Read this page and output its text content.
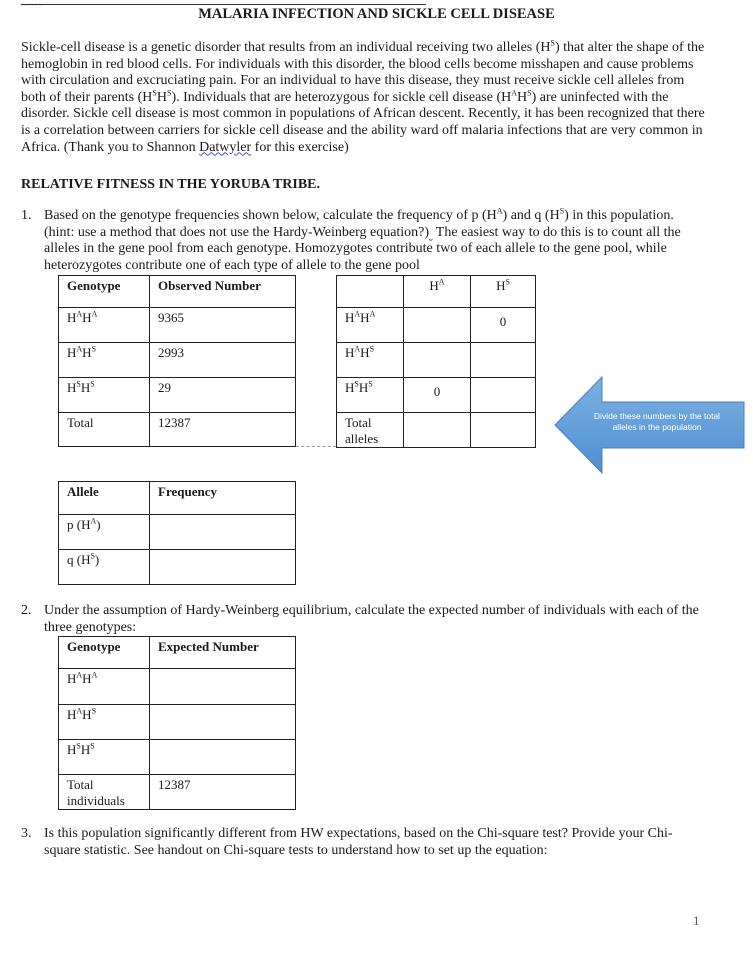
〰〰〰〰	MALARIA INFECTION AND SICKLE CELL DISEASE
Sickle-cell disease is a genetic disorder that results from an individual receiving two alleles $(H^S)$ that alter the shape of the hemoglobin in red blood cells. For individuals with this disorder, the blood cells become misshapen and cause problems with circulation and excruciating pain. For an individual to have this disease, they must receive sickle cell alleles from both of their parents $(H^SH^S)$. Individuals that are heterozygous for sickle cell disease $(H^AH^S)$ are uninfected with the disorder. Sickle cell disease is most common in populations of African descent. Recently, it has been recognized that there is a correlation between carriers for sickle cell disease and the ability ward off malaria infections that are very common in Africa. (Thank you to Shannon Datwyler for this exercise)
RELATIVE FITNESS IN THE YORUBA TRIBE.
1. Based on the genotype frequencies shown below, calculate the frequency of p $(H^A)$ and q $(H^S)$ in this population. (hint: use a method that does not use the Hardy-Weinberg equation?)  The easiest way to do this is to count all the alleles in the gene pool from each genotype. Homozygotes contribute two of each allele to the gene pool, while heterozygotes contribute one of each type of allele to the gene pool
Genotype	Observed Number
$H^AH^A$	9365
$H^AH^S$	2993
$H^SH^S$	29
Total	12387
	$H^A$	$H^S$
$H^AH^A$		0
$H^AH^S$		
$H^SH^S$	0	
Total
alleles		
Divide these numbers by the total alleles in the population
Allele	Frequency
p $(H^A)$	
q $(H^S)$	
2. Under the assumption of Hardy-Weinberg equilibrium, calculate the expected number of individuals with each of the three genotypes:
Genotype	Expected Number
$H^AH^A$	
$H^AH^S$	
$H^SH^S$	
Total
individuals	12387
3. Is this population significantly different from HW expectations, based on the Chi-square test? Provide your Chi-square statistic. See handout on Chi-square tests to understand how to set up the equation:
1
